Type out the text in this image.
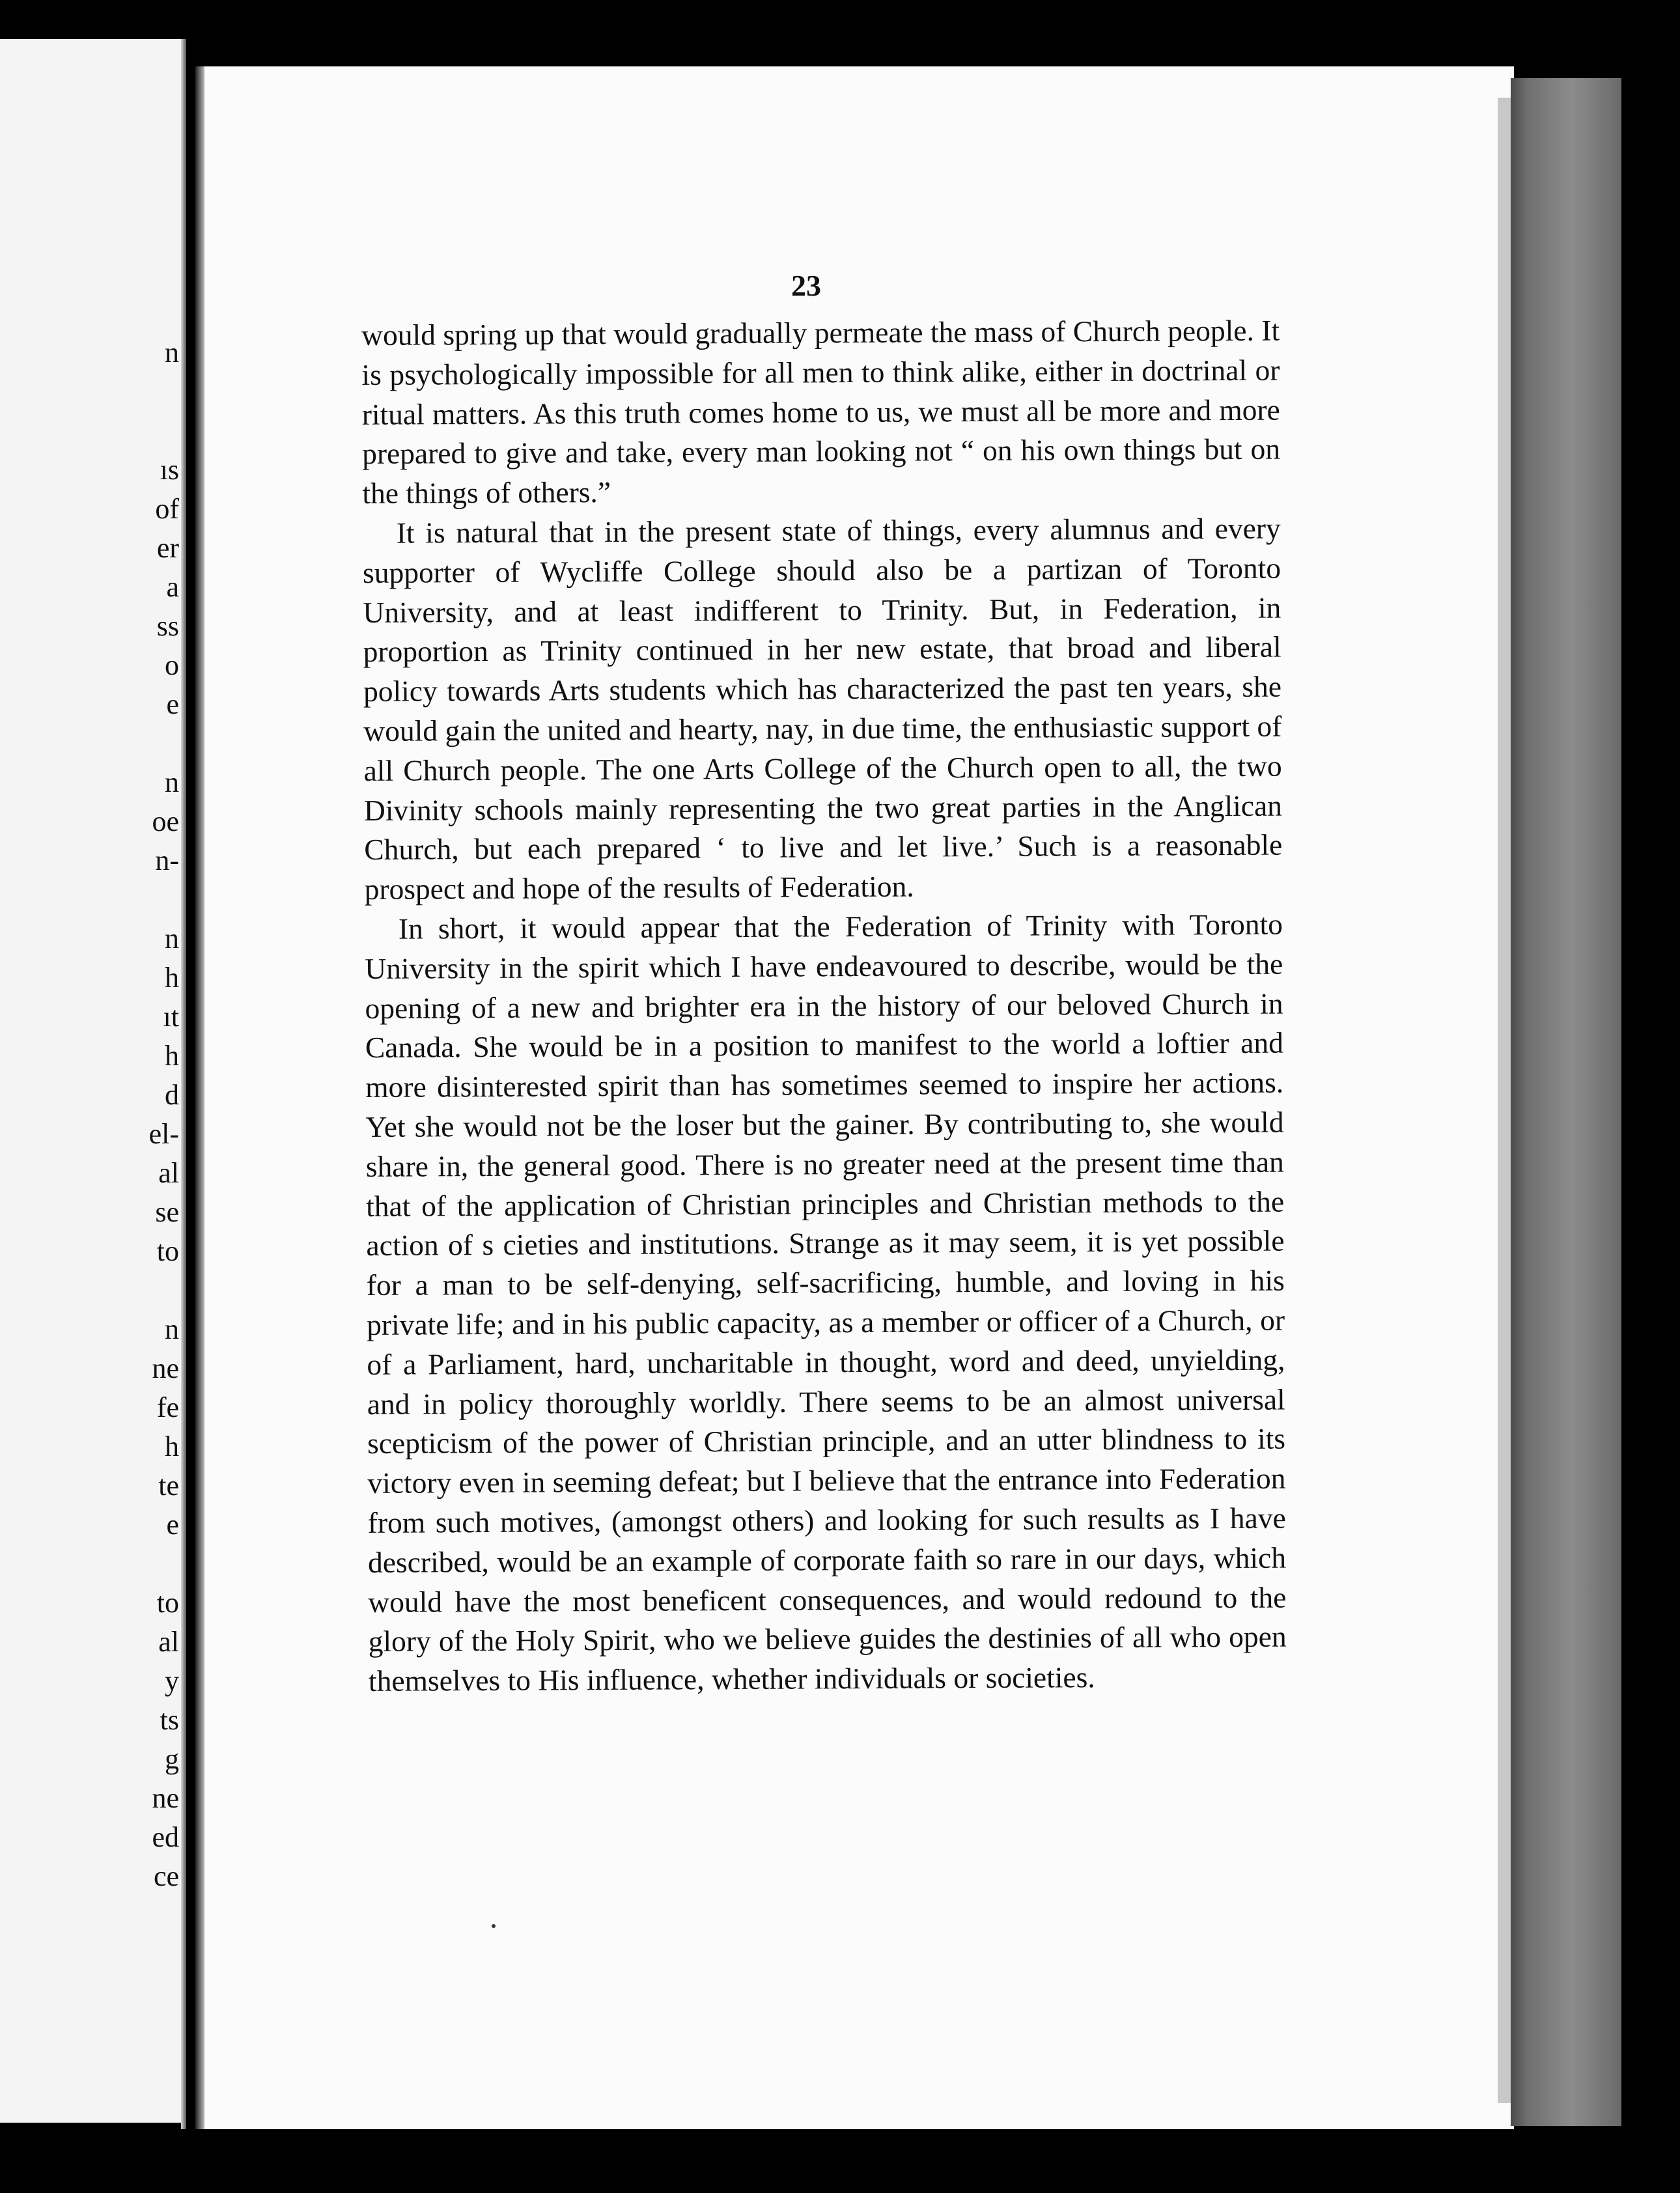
n
ıs
of
er
a
ss
o
e
n
oe
n-
n
h
ıt
h
d
el-
al
se
to
n
ne
fe
h
te
e
to
al
y
ts
g
ne
ed
ce
23

would spring up that would gradually permeate the mass of Church people. It is psychologically impossible for all men to think alike, either in doctrinal or ritual matters. As this truth comes home to us, we must all be more and more prepared to give and take, every man looking not “ on his own things but on the things of others.”

It is natural that in the present state of things, every alumnus and every supporter of Wycliffe College should also be a partizan of Toronto University, and at least indifferent to Trinity. But, in Federation, in proportion as Trinity continued in her new estate, that broad and liberal policy towards Arts students which has characterized the past ten years, she would gain the united and hearty, nay, in due time, the enthusiastic support of all Church people. The one Arts College of the Church open to all, the two Divinity schools mainly representing the two great parties in the Anglican Church, but each prepared ‘ to live and let live.’ Such is a reasonable prospect and hope of the results of Federation.

In short, it would appear that the Federation of Trinity with Toronto University in the spirit which I have endeavoured to describe, would be the opening of a new and brighter era in the history of our beloved Church in Canada. She would be in a position to manifest to the world a loftier and more disinterested spirit than has sometimes seemed to inspire her actions. Yet she would not be the loser but the gainer. By contributing to, she would share in, the general good. There is no greater need at the present time than that of the application of Christian principles and Christian methods to the action of s cieties and institutions. Strange as it may seem, it is yet possible for a man to be self-denying, self-sacrificing, humble, and loving in his private life; and in his public capacity, as a member or officer of a Church, or of a Parliament, hard, uncharitable in thought, word and deed, unyielding, and in policy thoroughly worldly. There seems to be an almost universal scepticism of the power of Christian principle, and an utter blindness to its victory even in seeming defeat; but I believe that the entrance into Federation from such motives, (amongst others) and looking for such results as I have described, would be an example of corporate faith so rare in our days, which would have the most beneficent consequences, and would redound to the glory of the Holy Spirit, who we believe guides the destinies of all who open themselves to His influence, whether individuals or societies.
